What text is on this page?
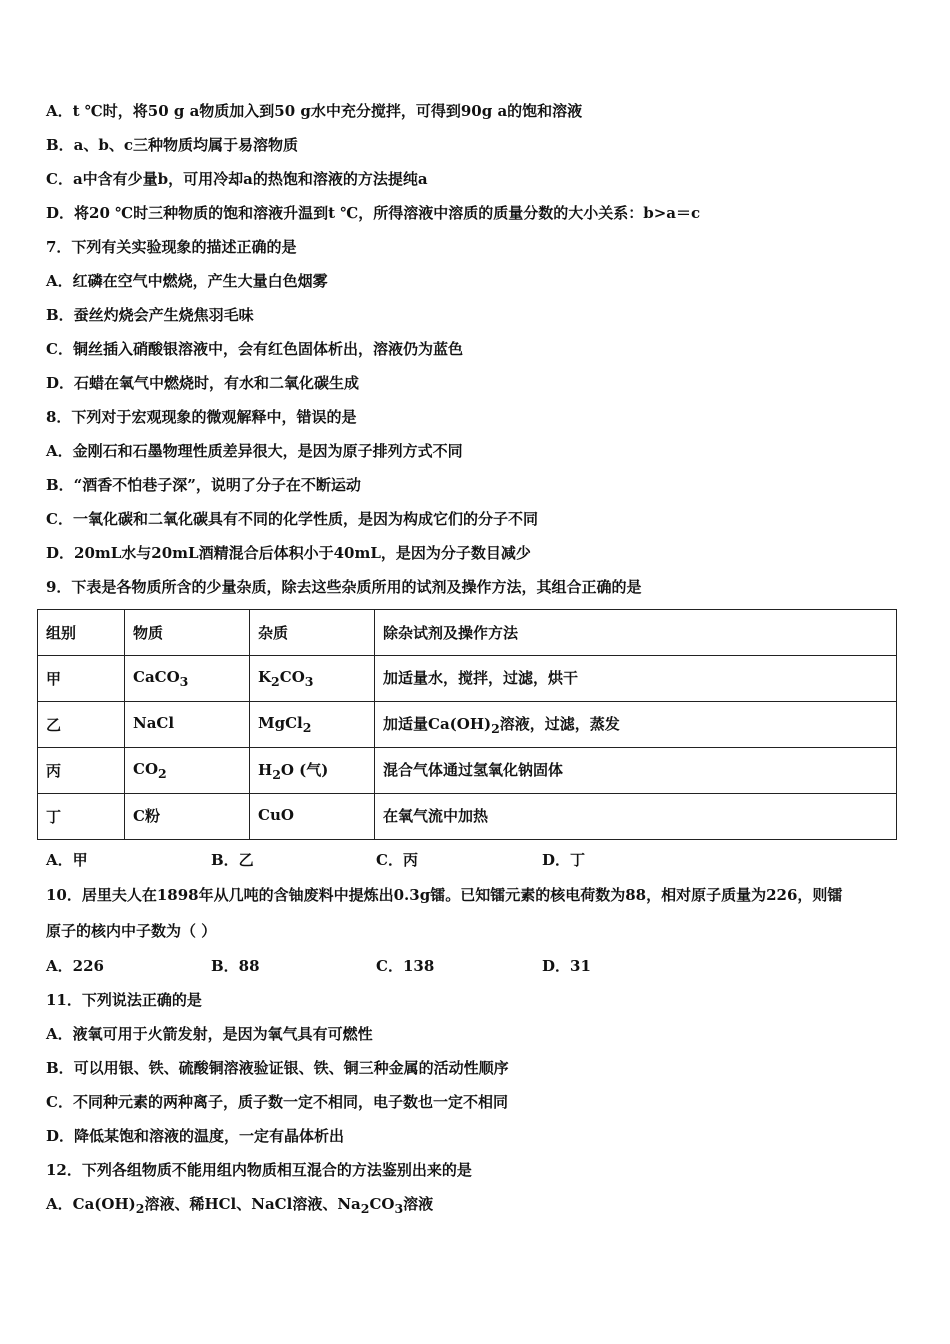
A．t ℃时，将50 g a物质加入到50 g水中充分搅拌，可得到90g a的饱和溶液
B．a、b、c三种物质均属于易溶物质
C．a中含有少量b，可用冷却a的热饱和溶液的方法提纯a
D．将20 ℃时三种物质的饱和溶液升温到t ℃，所得溶液中溶质的质量分数的大小关系：b>a＝c
7．下列有关实验现象的描述正确的是
A．红磷在空气中燃烧，产生大量白色烟雾
B．蚕丝灼烧会产生烧焦羽毛味
C．铜丝插入硝酸银溶液中，会有红色固体析出，溶液仍为蓝色
D．石蜡在氧气中燃烧时，有水和二氧化碳生成
8．下列对于宏观现象的微观解释中，错误的是
A．金刚石和石墨物理性质差异很大，是因为原子排列方式不同
B．“酒香不怕巷子深”，说明了分子在不断运动
C．一氧化碳和二氧化碳具有不同的化学性质，是因为构成它们的分子不同
D．20mL水与20mL酒精混合后体积小于40mL，是因为分子数目减少
9．下表是各物质所含的少量杂质，除去这些杂质所用的试剂及操作方法，其组合正确的是
组别	物质	杂质	除杂试剂及操作方法
甲	CaCO$_3$	$K_2CO_3$	加适量水，搅拌，过滤，烘干
乙	NaCl	MgCl$_2$	加适量$Ca(OH)_2$溶液，过滤，蒸发
丙	$CO_2$	$H_2O$ (气)	混合气体通过氢氧化钠固体
丁	C粉	CuO	在氧气流中加热
A．甲	B．乙	C．丙	D．丁
10．居里夫人在1898年从几吨的含铀废料中提炼出0.3g镭。已知镭元素的核电荷数为88，相对原子质量为226，则镭
原子的核内中子数为（ ）
A．226	B．88	C．138	D．31
11．下列说法正确的是
A．液氧可用于火箭发射，是因为氧气具有可燃性
B．可以用银、铁、硫酸铜溶液验证银、铁、铜三种金属的活动性顺序
C．不同种元素的两种离子，质子数一定不相同，电子数也一定不相同
D．降低某饱和溶液的温度，一定有晶体析出
12．下列各组物质不能用组内物质相互混合的方法鉴别出来的是
A．$Ca(OH)_2$溶液、稀HCl、NaCl溶液、$Na_2CO_3$溶液
